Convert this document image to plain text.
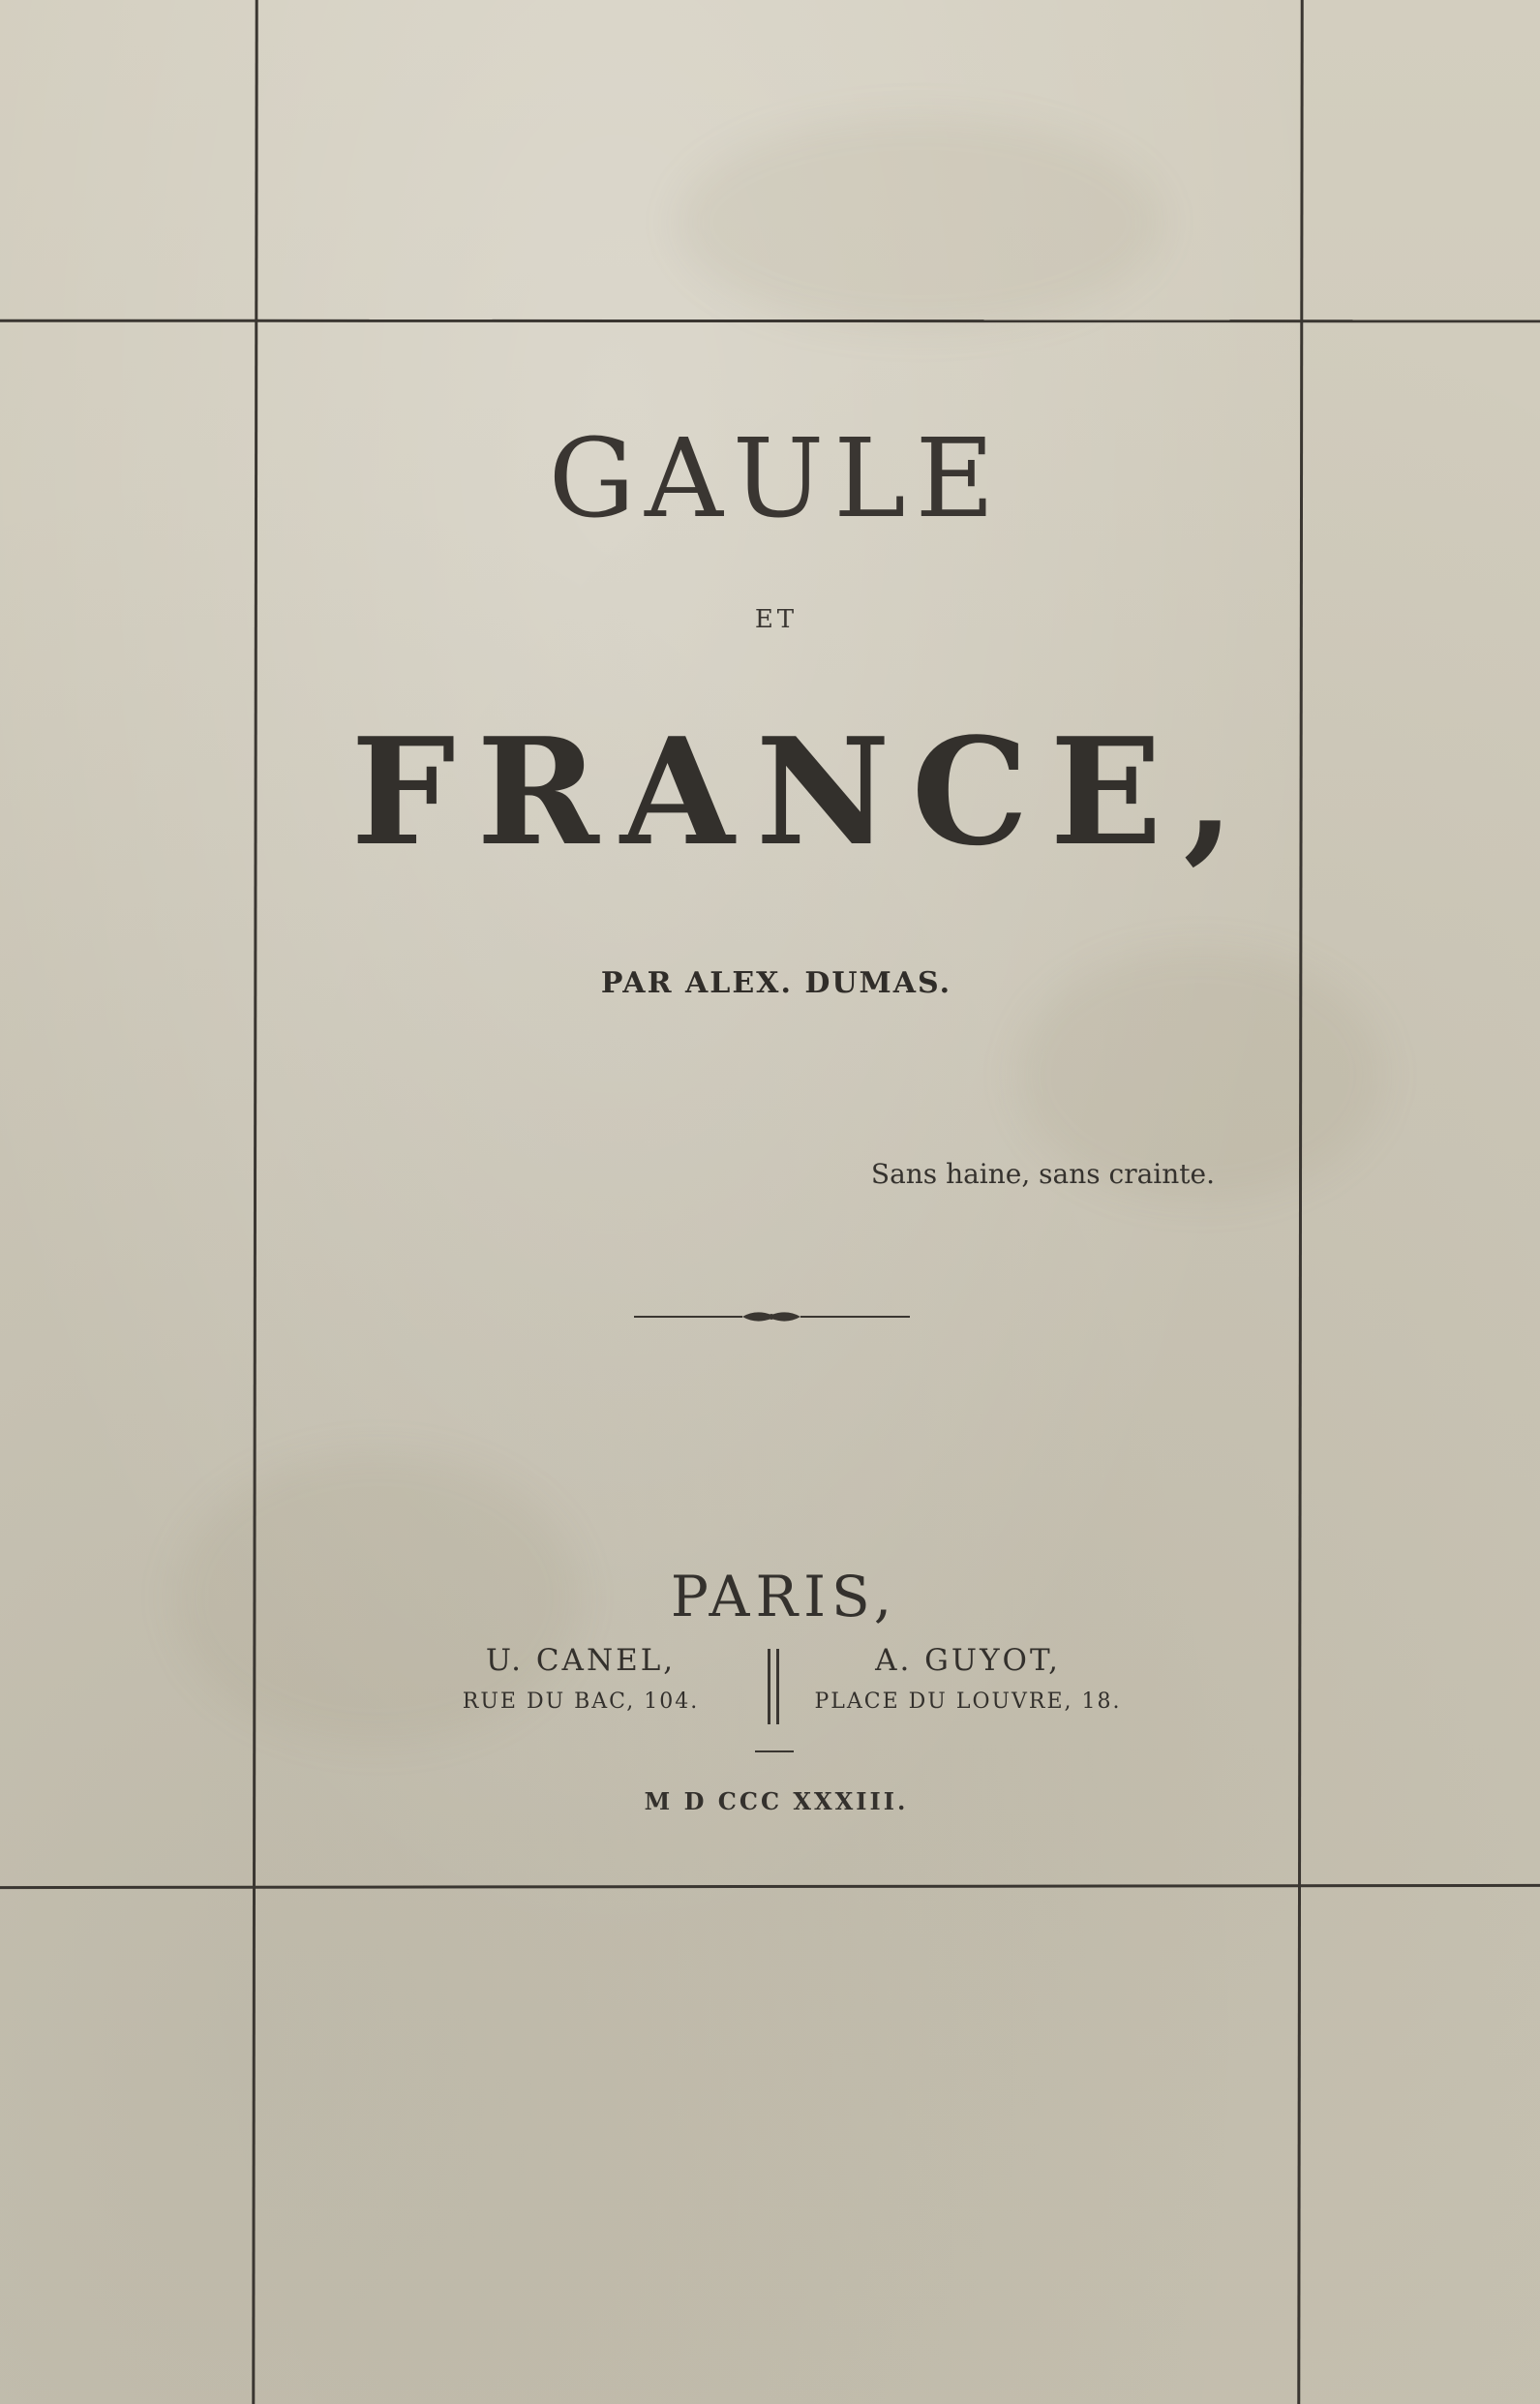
GAULE

ET

FRANCE,

PAR ALEX. DUMAS.

Sans haine, sans crainte.

PARIS,

U. CANEL,
RUE DU BAC, 104.
A. GUYOT,
PLACE DU LOUVRE, 18.

M D CCC XXXIII.
